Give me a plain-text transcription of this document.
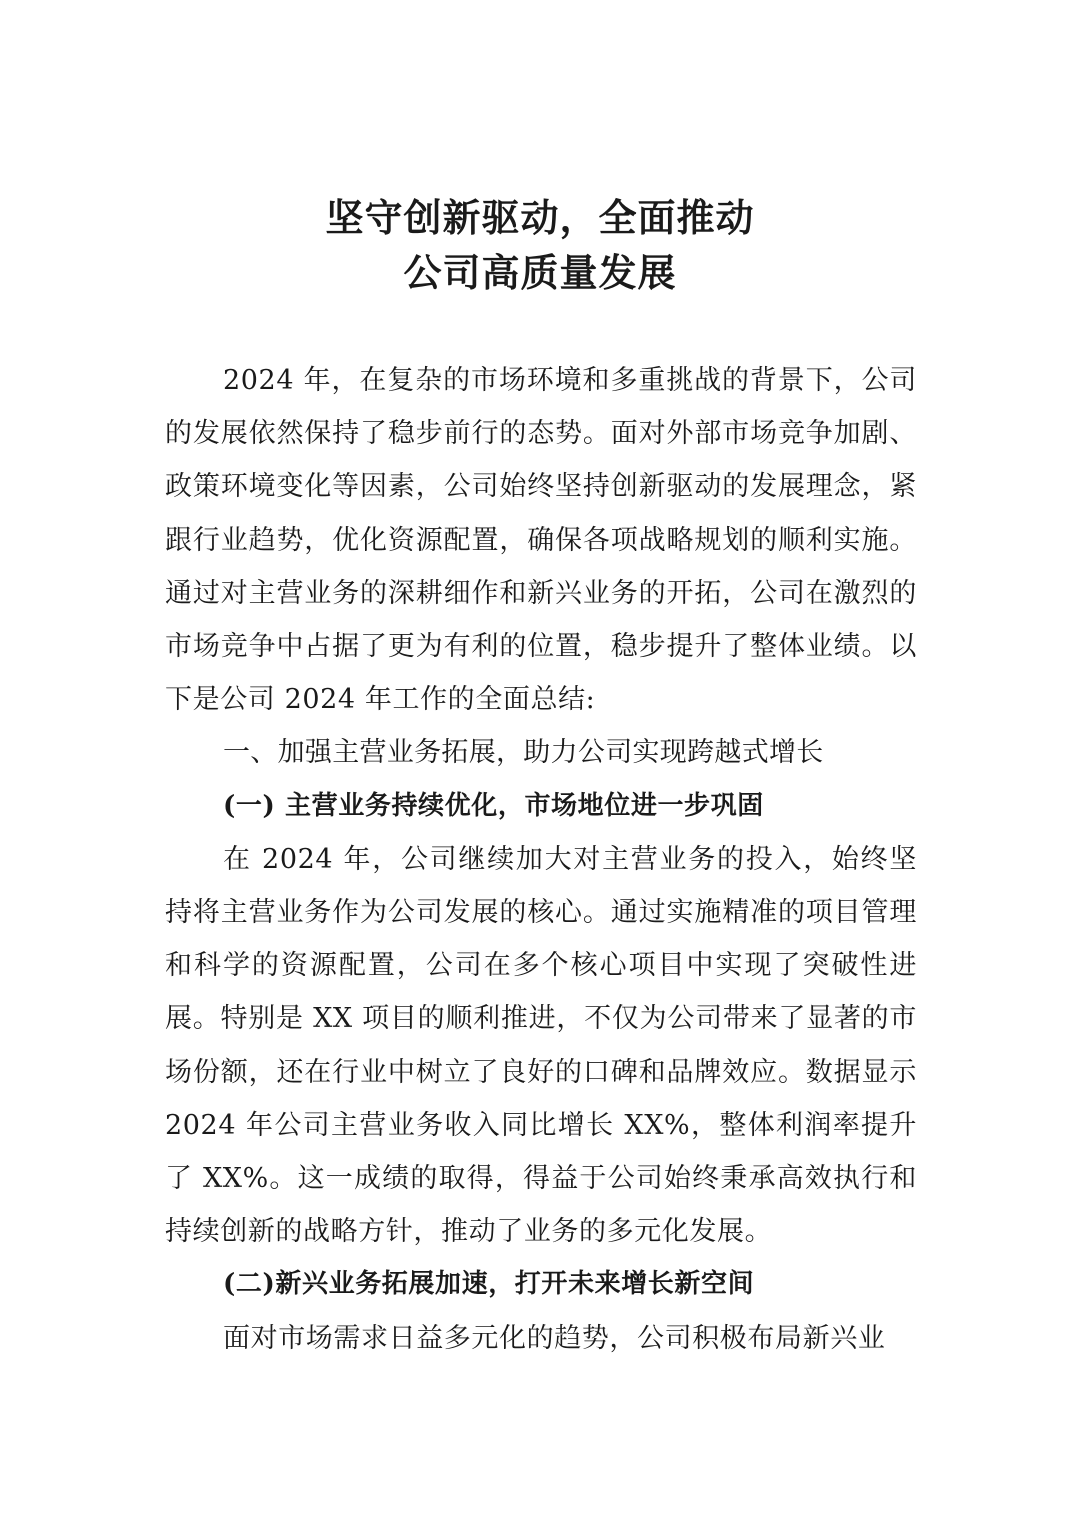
坚守创新驱动，全面推动
公司高质量发展

2024 年，在复杂的市场环境和多重挑战的背景下，公司的发展依然保持了稳步前行的态势。面对外部市场竞争加剧、政策环境变化等因素，公司始终坚持创新驱动的发展理念，紧跟行业趋势，优化资源配置，确保各项战略规划的顺利实施。通过对主营业务的深耕细作和新兴业务的开拓，公司在激烈的市场竞争中占据了更为有利的位置，稳步提升了整体业绩。以下是公司 2024 年工作的全面总结:

一、加强主营业务拓展，助力公司实现跨越式增长

(一) 主营业务持续优化，市场地位进一步巩固

在 2024 年，公司继续加大对主营业务的投入，始终坚持将主营业务作为公司发展的核心。通过实施精准的项目管理和科学的资源配置，公司在多个核心项目中实现了突破性进展。特别是 XX 项目的顺利推进，不仅为公司带来了显著的市场份额，还在行业中树立了良好的口碑和品牌效应。数据显示 2024 年公司主营业务收入同比增长 XX%，整体利润率提升了 XX%。这一成绩的取得，得益于公司始终秉承高效执行和持续创新的战略方针，推动了业务的多元化发展。

(二)新兴业务拓展加速，打开未来增长新空间

面对市场需求日益多元化的趋势，公司积极布局新兴业
